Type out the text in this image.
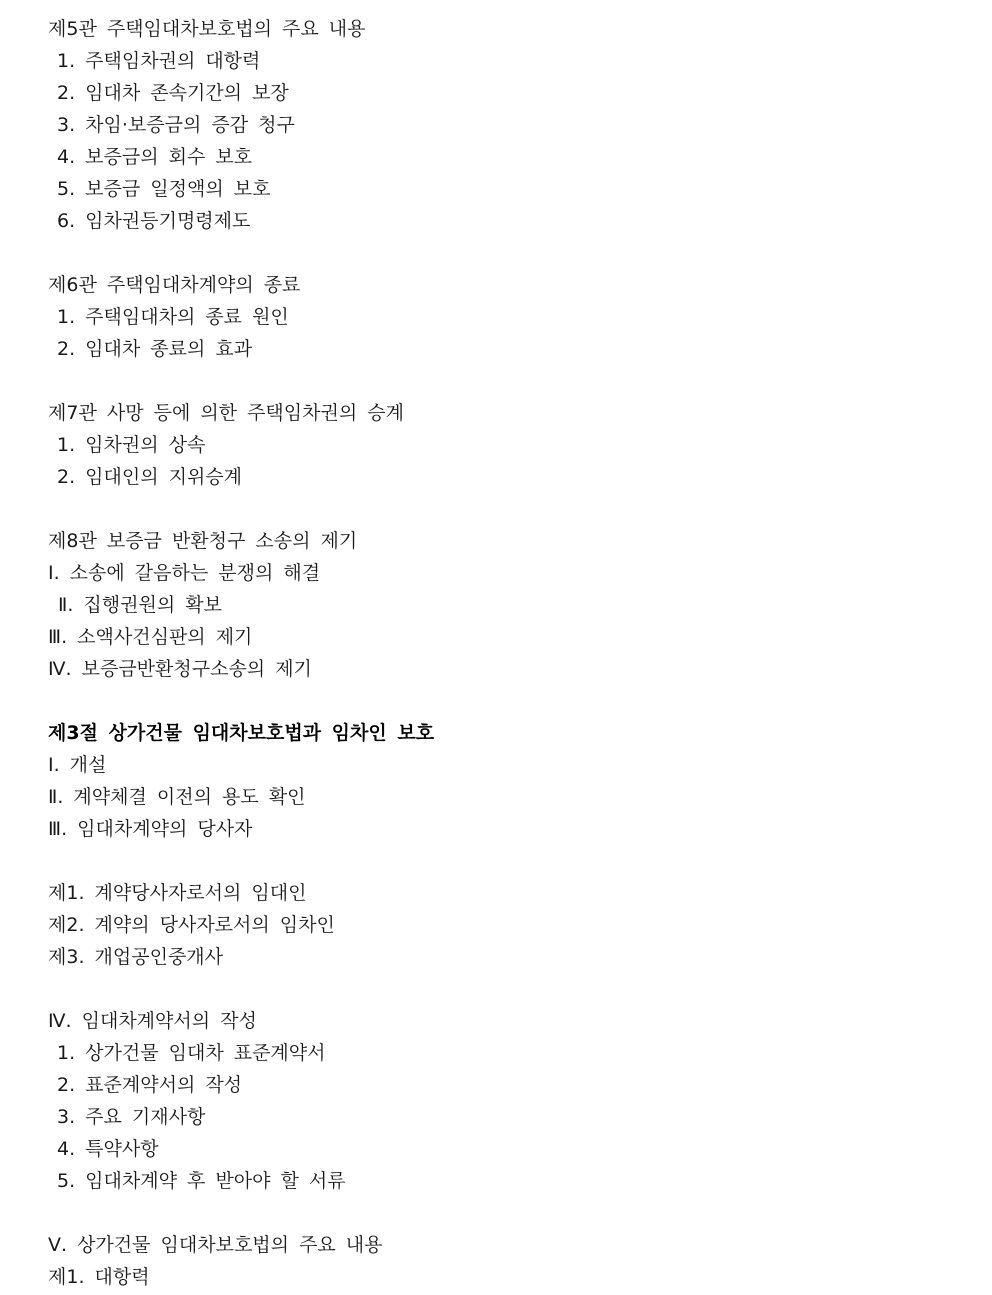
제5관 주택임대차보호법의 주요 내용
1. 주택임차권의 대항력
2. 임대차 존속기간의 보장
3. 차임·보증금의 증감 청구
4. 보증금의 회수 보호
5. 보증금 일정액의 보호
6. 임차권등기명령제도
제6관 주택임대차계약의 종료
1. 주택임대차의 종료 원인
2. 임대차 종료의 효과
제7관 사망 등에 의한 주택임차권의 승계
1. 임차권의 상속
2. 임대인의 지위승계
제8관 보증금 반환청구 소송의 제기
Ⅰ. 소송에 갈음하는 분쟁의 해결
Ⅱ. 집행권원의 확보
Ⅲ. 소액사건심판의 제기
Ⅳ. 보증금반환청구소송의 제기
제3절 상가건물 임대차보호법과 임차인 보호
Ⅰ. 개설
Ⅱ. 계약체결 이전의 용도 확인
Ⅲ. 임대차계약의 당사자
제1. 계약당사자로서의 임대인
제2. 계약의 당사자로서의 임차인
제3. 개업공인중개사
Ⅳ. 임대차계약서의 작성
1. 상가건물 임대차 표준계약서
2. 표준계약서의 작성
3. 주요 기재사항
4. 특약사항
5. 임대차계약 후 받아야 할 서류
Ⅴ. 상가건물 임대차보호법의 주요 내용
제1. 대항력
